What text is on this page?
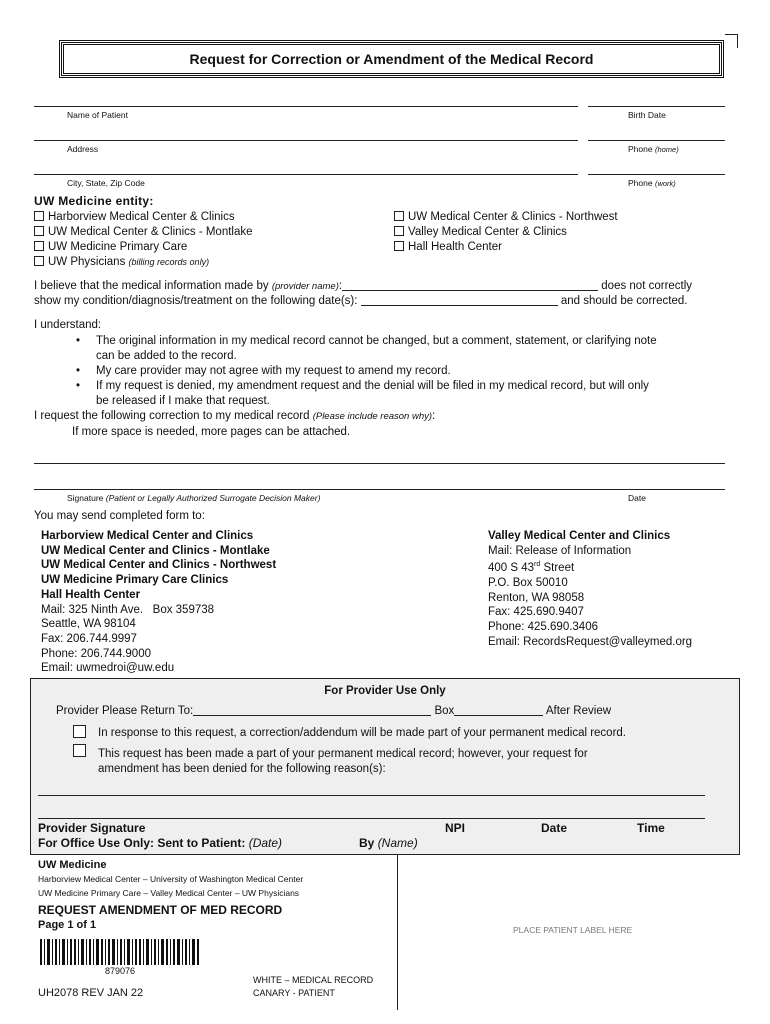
Request for Correction or Amendment of the Medical Record
Name of Patient	Birth Date
Address	Phone (home)
City, State, Zip Code	Phone (work)
UW Medicine entity:
Harborview Medical Center & Clinics
UW Medical Center & Clinics - Montlake
UW Medicine Primary Care
UW Physicians (billing records only)
UW Medical Center & Clinics - Northwest
Valley Medical Center & Clinics
Hall Health Center
I believe that the medical information made by (provider name):	does not correctly
show my condition/diagnosis/treatment on the following date(s):	and should be corrected.
I understand:
• The original information in my medical record cannot be changed, but a comment, statement, or clarifying note
can be added to the record.
• My care provider may not agree with my request to amend my record.
• If my request is denied, my amendment request and the denial will be filed in my medical record, but will only
be released if I make that request.
I request the following correction to my medical record (Please include reason why):
If more space is needed, more pages can be attached.
Signature (Patient or Legally Authorized Surrogate Decision Maker)	Date
You may send completed form to:
Harborview Medical Center and Clinics
UW Medical Center and Clinics - Montlake
UW Medical Center and Clinics - Northwest
UW Medicine Primary Care Clinics
Hall Health Center
Mail: 325 Ninth Ave.   Box 359738
Seattle, WA 98104
Fax: 206.744.9997
Phone: 206.744.9000
Email: uwmedroi@uw.edu
Valley Medical Center and Clinics
Mail: Release of Information
400 S 43rd Street
P.O. Box 50010
Renton, WA 98058
Fax: 425.690.9407
Phone: 425.690.3406
Email: RecordsRequest@valleymed.org
For Provider Use Only
Provider Please Return To:	Box	After Review
In response to this request, a correction/addendum will be made part of your permanent medical record.
This request has been made a part of your permanent medical record; however, your request for
amendment has been denied for the following reason(s):
Provider Signature	NPI	Date	Time
For Office Use Only: Sent to Patient: (Date)	By (Name)
UW Medicine
Harborview Medical Center – University of Washington Medical Center
UW Medicine Primary Care – Valley Medical Center – UW Physicians
REQUEST AMENDMENT OF MED RECORD
Page 1 of 1
879076
UH2078 REV JAN 22
WHITE – MEDICAL RECORD
CANARY - PATIENT
PLACE PATIENT LABEL HERE
